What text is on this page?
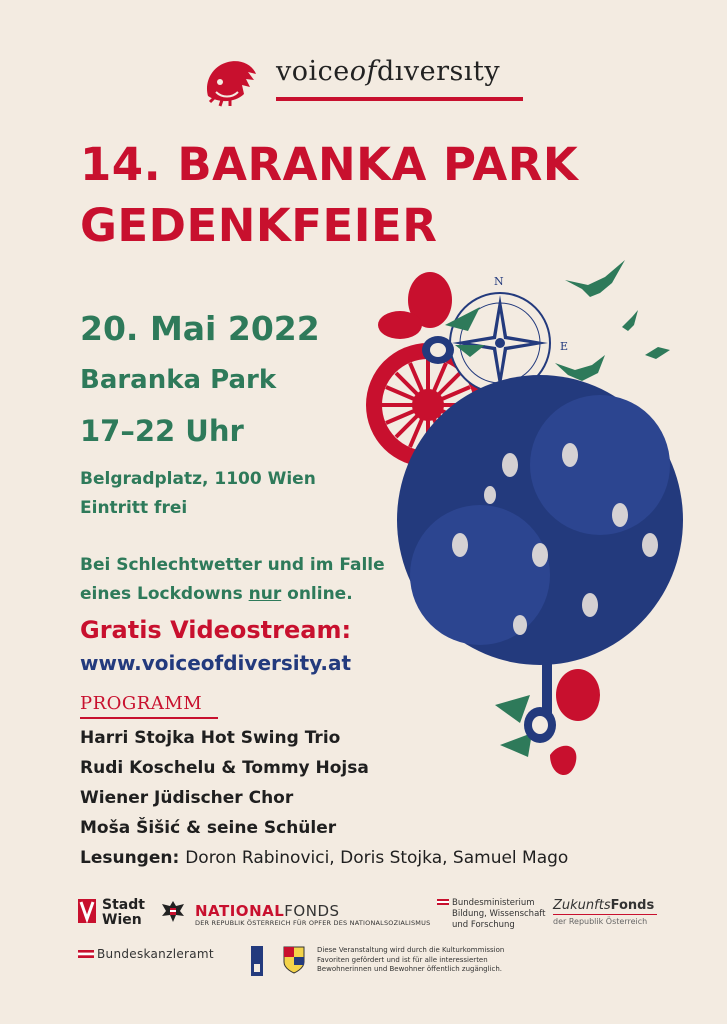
voiceofdıversıty
14. BARANKA PARK
GEDENKFEIER
20. Mai 2022
Baranka Park
17–22 Uhr
Belgradplatz, 1100 Wien
Eintritt frei
Bei Schlechtwetter und im Falle
eines Lockdowns nur online.
Gratis Videostream:
www.voiceofdiversity.at
PROGRAMM
Harri Stojka Hot Swing Trio
Rudi Koschelu & Tommy Hojsa
Wiener Jüdischer Chor
Moša Šišić & seine Schüler
Lesungen: Doron Rabinovici, Doris Stojka, Samuel Mago
N
E
Stadt
Wien	NATIONALFONDS
DER REPUBLIK ÖSTERREICH FÜR OPFER DES NATIONALSOZIALISMUS
Bundesministerium
Bildung, Wissenschaft
und Forschung
ZukunftsFonds
der Republik Österreich
Bundeskanzleramt	Diese Veranstaltung wird durch die Kulturkommission
Favoriten gefördert und ist für alle interessierten
Bewohnerinnen und Bewohner öffentlich zugänglich.
